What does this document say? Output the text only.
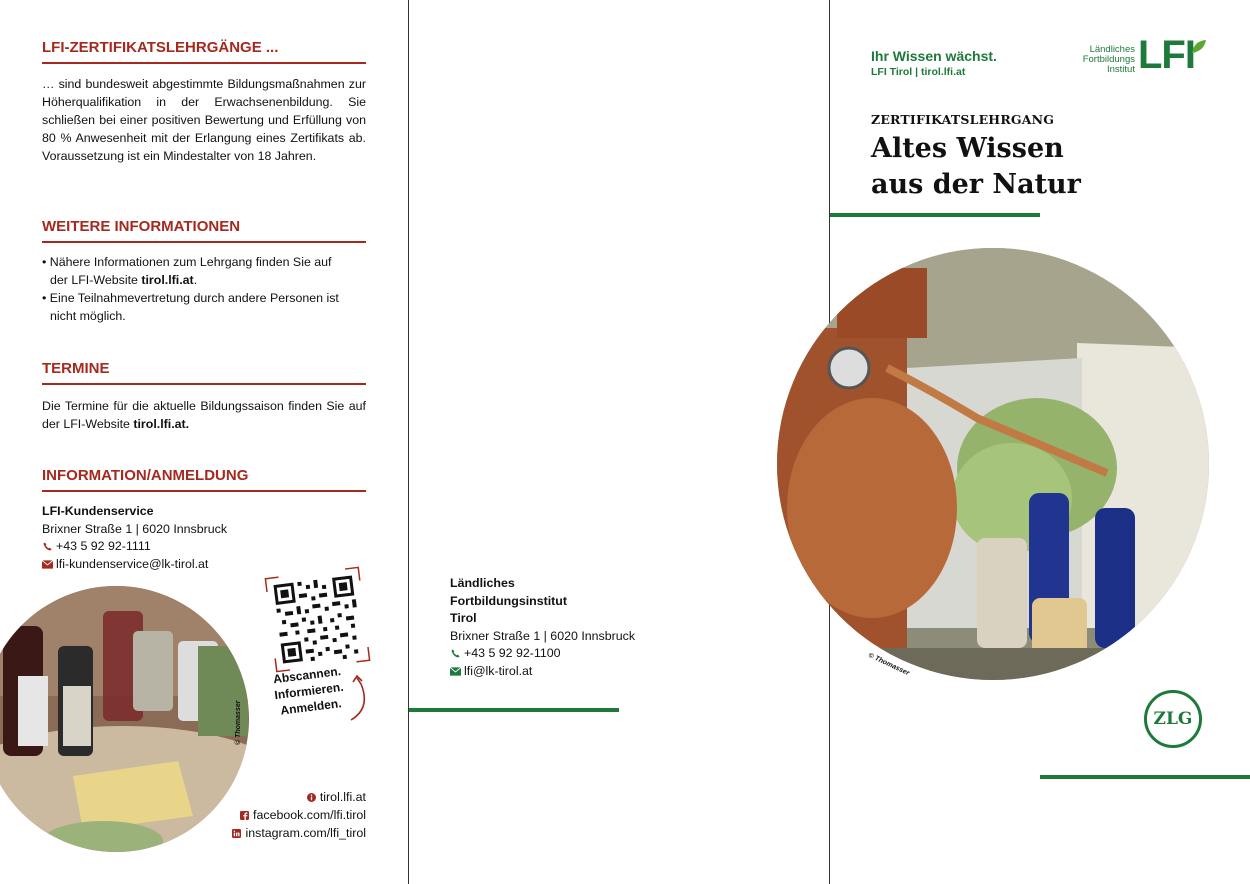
LFI-ZERTIFIKATSLEHRGÄNGE ...
… sind bundesweit abgestimmte Bildungsmaßnahmen zur Höherqualifikation in der Erwachsenenbildung. Sie schließen bei einer positiven Bewertung und Erfüllung von 80 % Anwesenheit mit der Erlangung eines Zertifikats ab. Voraussetzung ist ein Mindestalter von 18 Jahren.
WEITERE INFORMATIONEN
• Nähere Informationen zum Lehrgang finden Sie auf der LFI-Website tirol.lfi.at.
• Eine Teilnahmevertretung durch andere Personen ist nicht möglich.
TERMINE
Die Termine für die aktuelle Bildungssaison finden Sie auf der LFI-Website tirol.lfi.at.
INFORMATION/ANMELDUNG
LFI-Kundenservice
Brixner Straße 1 | 6020 Innsbruck
+43 5 92 92-1111
lfi-kundenservice@lk-tirol.at
© Thomasser
Abscannen.
Informieren.
Anmelden.
tirol.lfi.at
facebook.com/lfi.tirol
instagram.com/lfi_tirol
Ländliches
Fortbildungsinstitut
Tirol
Brixner Straße 1 | 6020 Innsbruck
+43 5 92 92-1100
lfi@lk-tirol.at
Ihr Wissen wächst.
LFI Tirol | tirol.lfi.at
Ländliches
Fortbildungs
Institut LFI
ZERTIFIKATSLEHRGANG
Altes Wissen
aus der Natur
© Thomasser
ZLG
